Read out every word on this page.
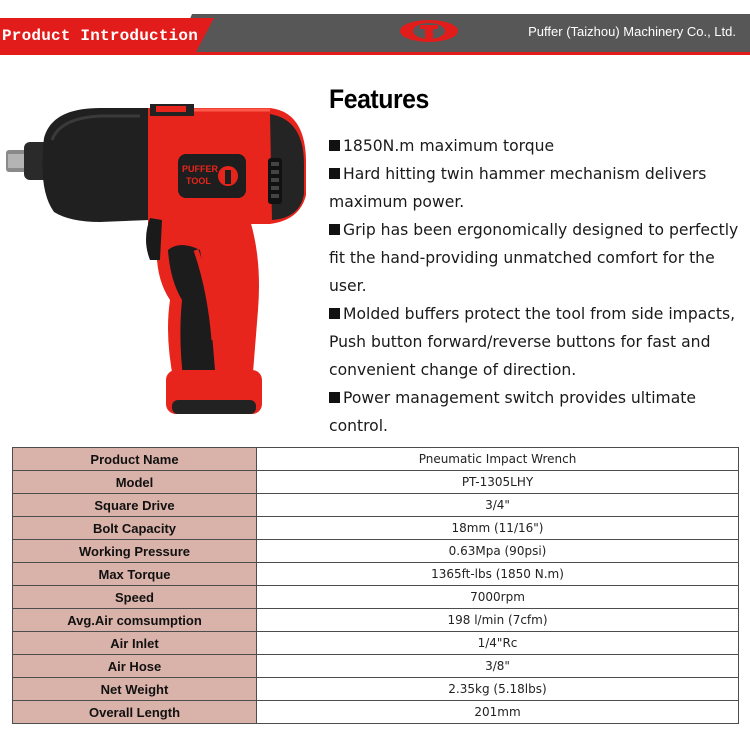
Product Introduction	Puffer (Taizhou) Machinery Co., Ltd.
PUFFER
TOOL
Features
1850N.m maximum torque
Hard hitting twin hammer mechanism delivers maximum power.
Grip has been ergonomically designed to perfectly fit the hand-providing unmatched comfort for the user.
Molded buffers protect the tool from side impacts, Push button forward/reverse buttons for fast and convenient change of direction.
Power management switch provides ultimate control.
Product Name	Pneumatic Impact Wrench
Model	PT-1305LHY
Square Drive	3/4"
Bolt Capacity	18mm (11/16")
Working Pressure	0.63Mpa (90psi)
Max Torque	1365ft-lbs (1850 N.m)
Speed	7000rpm
Avg.Air comsumption	198 l/min (7cfm)
Air Inlet	1/4"Rc
Air Hose	3/8"
Net Weight	2.35kg (5.18lbs)
Overall Length	201mm
